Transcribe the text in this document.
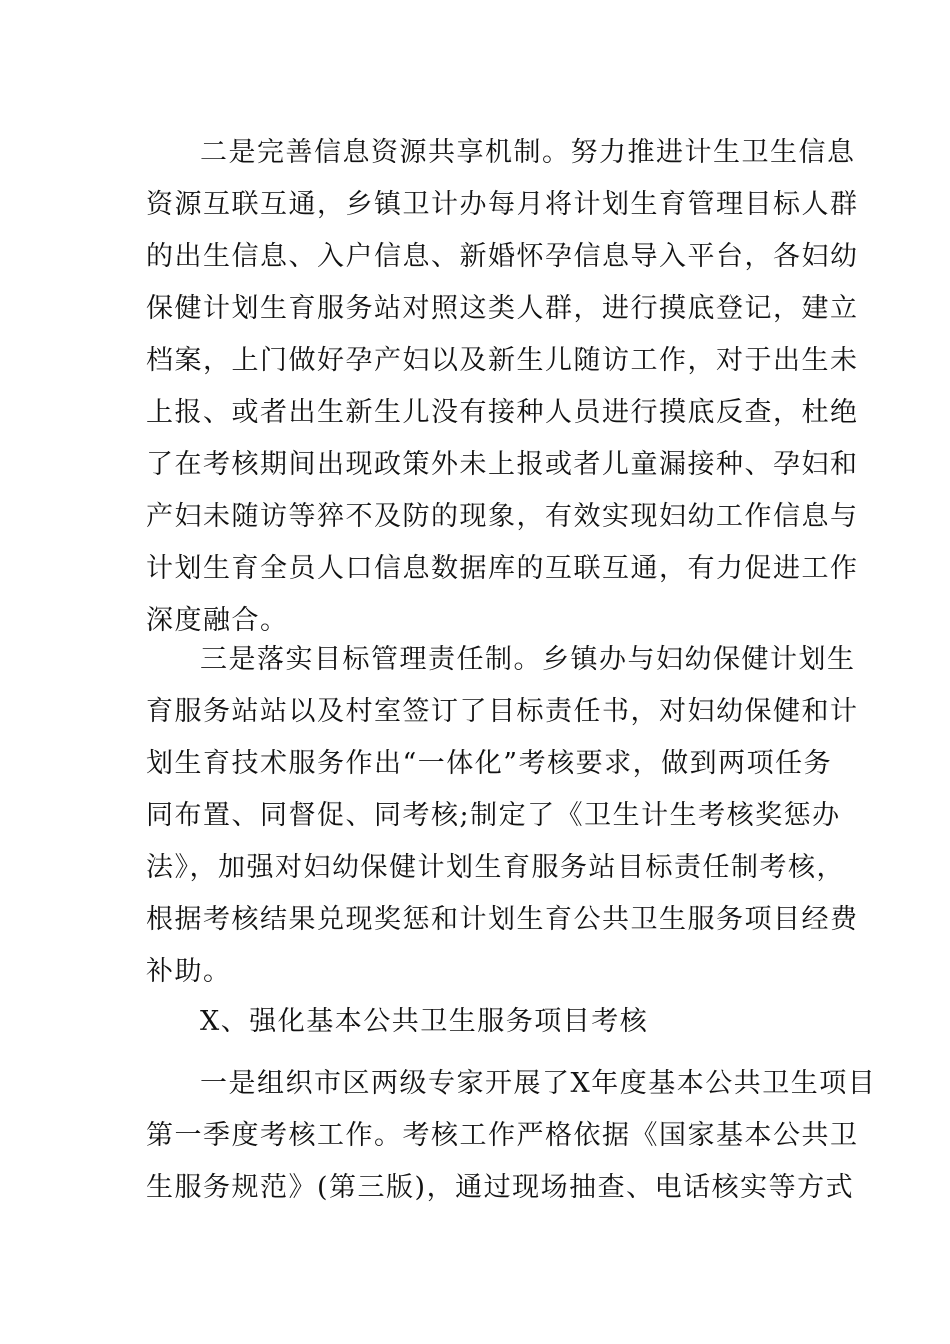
二是完善信息资源共享机制。努力推进计生卫生信息
资源互联互通，乡镇卫计办每月将计划生育管理目标人群
的出生信息、入户信息、新婚怀孕信息导入平台，各妇幼
保健计划生育服务站对照这类人群，进行摸底登记，建立
档案，上门做好孕产妇以及新生儿随访工作，对于出生未
上报、或者出生新生儿没有接种人员进行摸底反查，杜绝
了在考核期间出现政策外未上报或者儿童漏接种、孕妇和
产妇未随访等猝不及防的现象，有效实现妇幼工作信息与
计划生育全员人口信息数据库的互联互通，有力促进工作
深度融合。
三是落实目标管理责任制。乡镇办与妇幼保健计划生
育服务站站以及村室签订了目标责任书，对妇幼保健和计
划生育技术服务作出“一体化”考核要求，做到两项任务
同布置、同督促、同考核;制定了《卫生计生考核奖惩办
法》，加强对妇幼保健计划生育服务站目标责任制考核，
根据考核结果兑现奖惩和计划生育公共卫生服务项目经费
补助。
X、强化基本公共卫生服务项目考核
一是组织市区两级专家开展了X年度基本公共卫生项目
第一季度考核工作。考核工作严格依据《国家基本公共卫
生服务规范》(第三版)，通过现场抽查、电话核实等方式
